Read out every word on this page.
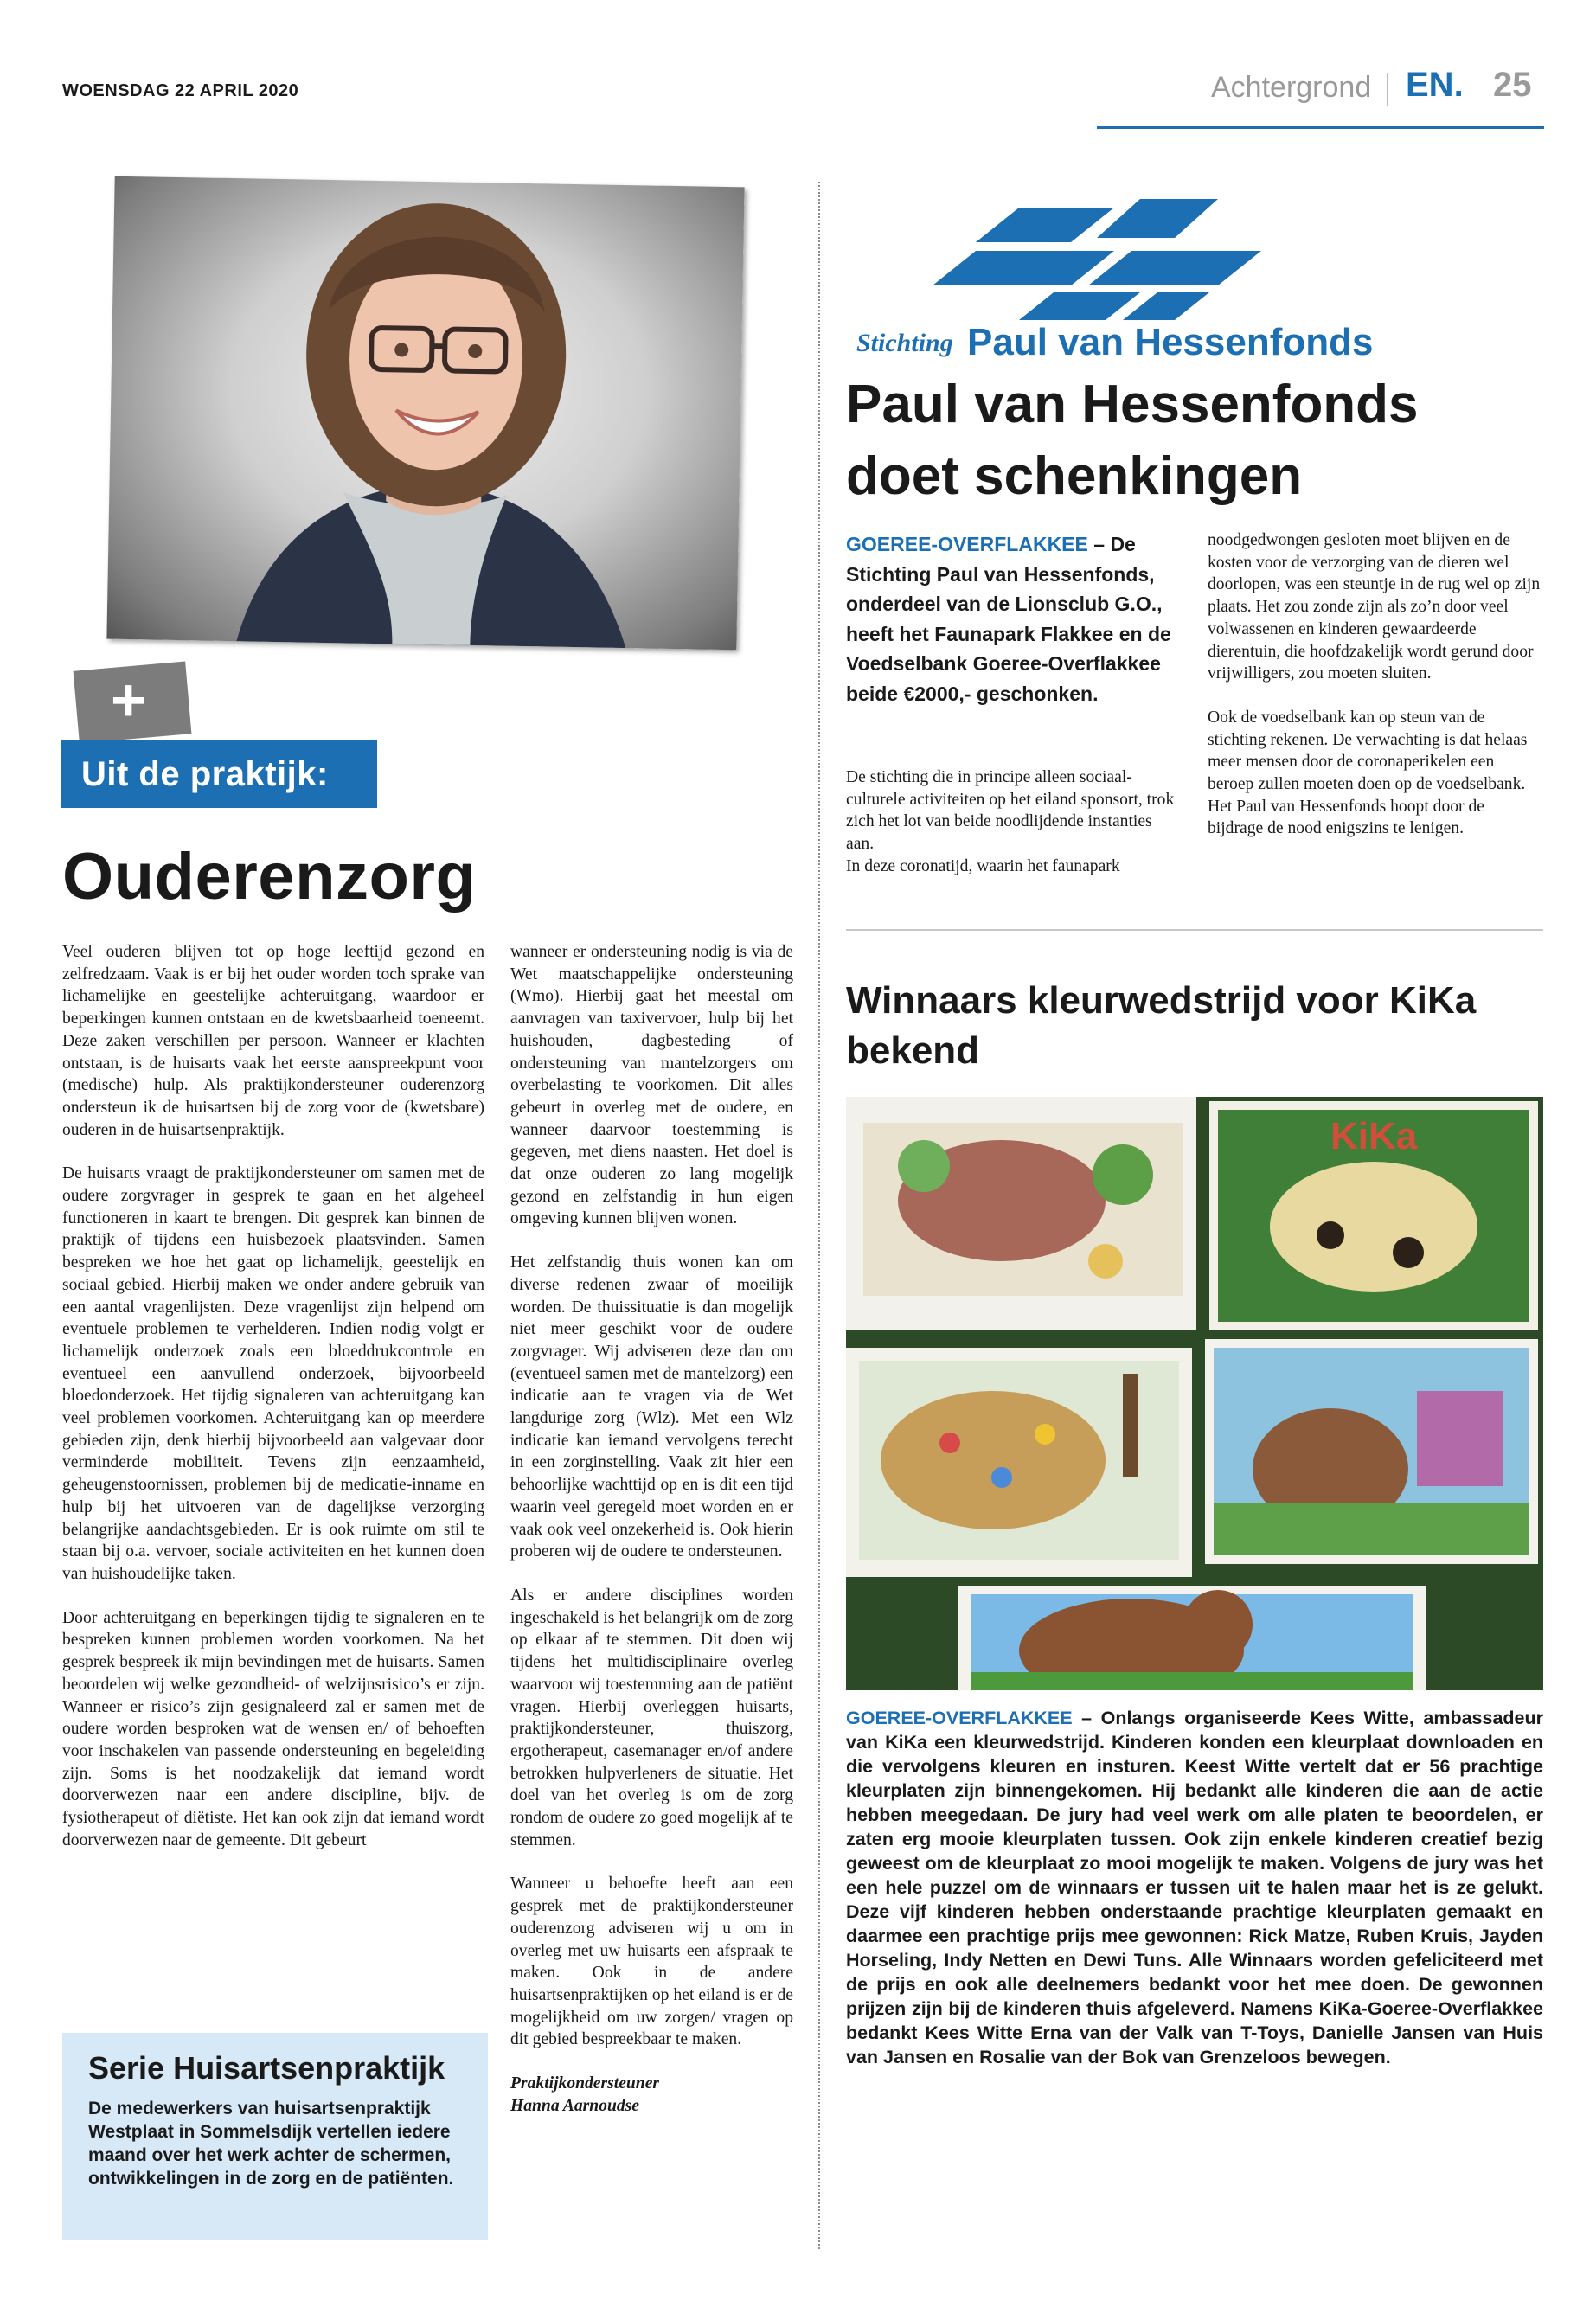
WOENSDAG 22 APRIL 2020	Achtergrond EN. 25
+
Uit de praktijk:
Ouderenzorg

Veel ouderen blijven tot op hoge leeftijd gezond en zelfredzaam. Vaak is er bij het ouder worden toch sprake van lichamelijke en geestelijke achteruitgang, waardoor er beperkingen kunnen ontstaan en de kwetsbaarheid toeneemt. Deze zaken verschillen per persoon. Wanneer er klachten ontstaan, is de huisarts vaak het eerste aanspreekpunt voor (medische) hulp. Als praktijkondersteuner ouderenzorg ondersteun ik de huisartsen bij de zorg voor de (kwetsbare) ouderen in de huisartsenpraktijk.

De huisarts vraagt de praktijkondersteuner om samen met de oudere zorgvrager in gesprek te gaan en het algeheel functioneren in kaart te brengen. Dit gesprek kan binnen de praktijk of tijdens een huisbezoek plaatsvinden. Samen bespreken we hoe het gaat op lichamelijk, geestelijk en sociaal gebied. Hierbij maken we onder andere gebruik van een aantal vragenlijsten. Deze vragenlijst zijn helpend om eventuele problemen te verhelderen. Indien nodig volgt er lichamelijk onderzoek zoals een bloeddrukcontrole en eventueel een aanvullend onderzoek, bijvoorbeeld bloedonderzoek. Het tijdig signaleren van achteruitgang kan veel problemen voorkomen. Achteruitgang kan op meerdere gebieden zijn, denk hierbij bijvoorbeeld aan valgevaar door verminderde mobiliteit. Tevens zijn eenzaamheid, geheugenstoornissen, problemen bij de medicatie-inname en hulp bij het uitvoeren van de dagelijkse verzorging belangrijke aandachtsgebieden. Er is ook ruimte om stil te staan bij o.a. vervoer, sociale activiteiten en het kunnen doen van huishoudelijke taken.

Door achteruitgang en beperkingen tijdig te signaleren en te bespreken kunnen problemen worden voorkomen. Na het gesprek bespreek ik mijn bevindingen met de huisarts. Samen beoordelen wij welke gezondheid- of welzijnsrisico’s er zijn. Wanneer er risico’s zijn gesignaleerd zal er samen met de oudere worden besproken wat de wensen en/ of behoeften voor inschakelen van passende ondersteuning en begeleiding zijn. Soms is het noodzakelijk dat iemand wordt doorverwezen naar een andere discipline, bijv. de fysiotherapeut of diëtiste. Het kan ook zijn dat iemand wordt doorverwezen naar de gemeente. Dit gebeurt

wanneer er ondersteuning nodig is via de Wet maatschappelijke ondersteuning (Wmo). Hierbij gaat het meestal om aanvragen van taxivervoer, hulp bij het huishouden, dagbesteding of ondersteuning van mantelzorgers om overbelasting te voorkomen. Dit alles gebeurt in overleg met de oudere, en wanneer daarvoor toestemming is gegeven, met diens naasten. Het doel is dat onze ouderen zo lang mogelijk gezond en zelfstandig in hun eigen omgeving kunnen blijven wonen.

Het zelfstandig thuis wonen kan om diverse redenen zwaar of moeilijk worden. De thuissituatie is dan mogelijk niet meer geschikt voor de oudere zorgvrager. Wij adviseren deze dan om (eventueel samen met de mantelzorg) een indicatie aan te vragen via de Wet langdurige zorg (Wlz). Met een Wlz indicatie kan iemand vervolgens terecht in een zorginstelling. Vaak zit hier een behoorlijke wachttijd op en is dit een tijd waarin veel geregeld moet worden en er vaak ook veel onzekerheid is. Ook hierin proberen wij de oudere te ondersteunen.

Als er andere disciplines worden ingeschakeld is het belangrijk om de zorg op elkaar af te stemmen. Dit doen wij tijdens het multidisciplinaire overleg waarvoor wij toestemming aan de patiënt vragen. Hierbij overleggen huisarts, praktijkondersteuner, thuiszorg, ergotherapeut, casemanager en/of andere betrokken hulpverleners de situatie. Het doel van het overleg is om de zorg rondom de oudere zo goed mogelijk af te stemmen.

Wanneer u behoefte heeft aan een gesprek met de praktijkondersteuner ouderenzorg adviseren wij u om in overleg met uw huisarts een afspraak te maken. Ook in de andere huisartsenpraktijken op het eiland is er de mogelijkheid om uw zorgen/ vragen op dit gebied bespreekbaar te maken.

Praktijkondersteuner
Hanna Aarnoudse
Serie Huisartsenpraktijk
De medewerkers van huisartsenpraktijk Westplaat in Sommelsdijk vertellen iedere maand over het werk achter de schermen, ontwikkelingen in de zorg en de patiënten.
Stichting Paul van Hessenfonds
Paul van Hessenfonds doet schenkingen
GOEREE-OVERFLAKKEE – De Stichting Paul van Hessenfonds, onderdeel van de Lionsclub G.O., heeft het Faunapark Flakkee en de Voedselbank Goeree-Overflakkee beide €2000,- geschonken.
De stichting die in principe alleen sociaal-culturele activiteiten op het eiland sponsort, trok zich het lot van beide noodlijdende instanties aan.
In deze coronatijd, waarin het faunapark

noodgedwongen gesloten moet blijven en de kosten voor de verzorging van de dieren wel doorlopen, was een steuntje in de rug wel op zijn plaats. Het zou zonde zijn als zo’n door veel volwassenen en kinderen gewaardeerde dierentuin, die hoofdzakelijk wordt gerund door vrijwilligers, zou moeten sluiten.

Ook de voedselbank kan op steun van de stichting rekenen. De verwachting is dat helaas meer mensen door de coronaperikelen een beroep zullen moeten doen op de voedselbank. Het Paul van Hessenfonds hoopt door de bijdrage de nood enigszins te lenigen.

Winnaars kleurwedstrijd voor KiKa bekend
KiKa
GOEREE-OVERFLAKKEE – Onlangs organiseerde Kees Witte, ambassadeur van KiKa een kleurwedstrijd. Kinderen konden een kleurplaat downloaden en die vervolgens kleuren en insturen. Keest Witte vertelt dat er 56 prachtige kleurplaten zijn binnengekomen. Hij bedankt alle kinderen die aan de actie hebben meegedaan. De jury had veel werk om alle platen te beoordelen, er zaten erg mooie kleurplaten tussen. Ook zijn enkele kinderen creatief bezig geweest om de kleurplaat zo mooi mogelijk te maken. Volgens de jury was het een hele puzzel om de winnaars er tussen uit te halen maar het is ze gelukt. Deze vijf kinderen hebben onderstaande prachtige kleurplaten gemaakt en daarmee een prachtige prijs mee gewonnen: Rick Matze, Ruben Kruis, Jayden Horseling, Indy Netten en Dewi Tuns. Alle Winnaars worden gefeliciteerd met de prijs en ook alle deelnemers bedankt voor het mee doen. De gewonnen prijzen zijn bij de kinderen thuis afgeleverd. Namens KiKa-Goeree-Overflakkee bedankt Kees Witte Erna van der Valk van T-Toys, Danielle Jansen van Huis van Jansen en Rosalie van der Bok van Grenzeloos bewegen.
